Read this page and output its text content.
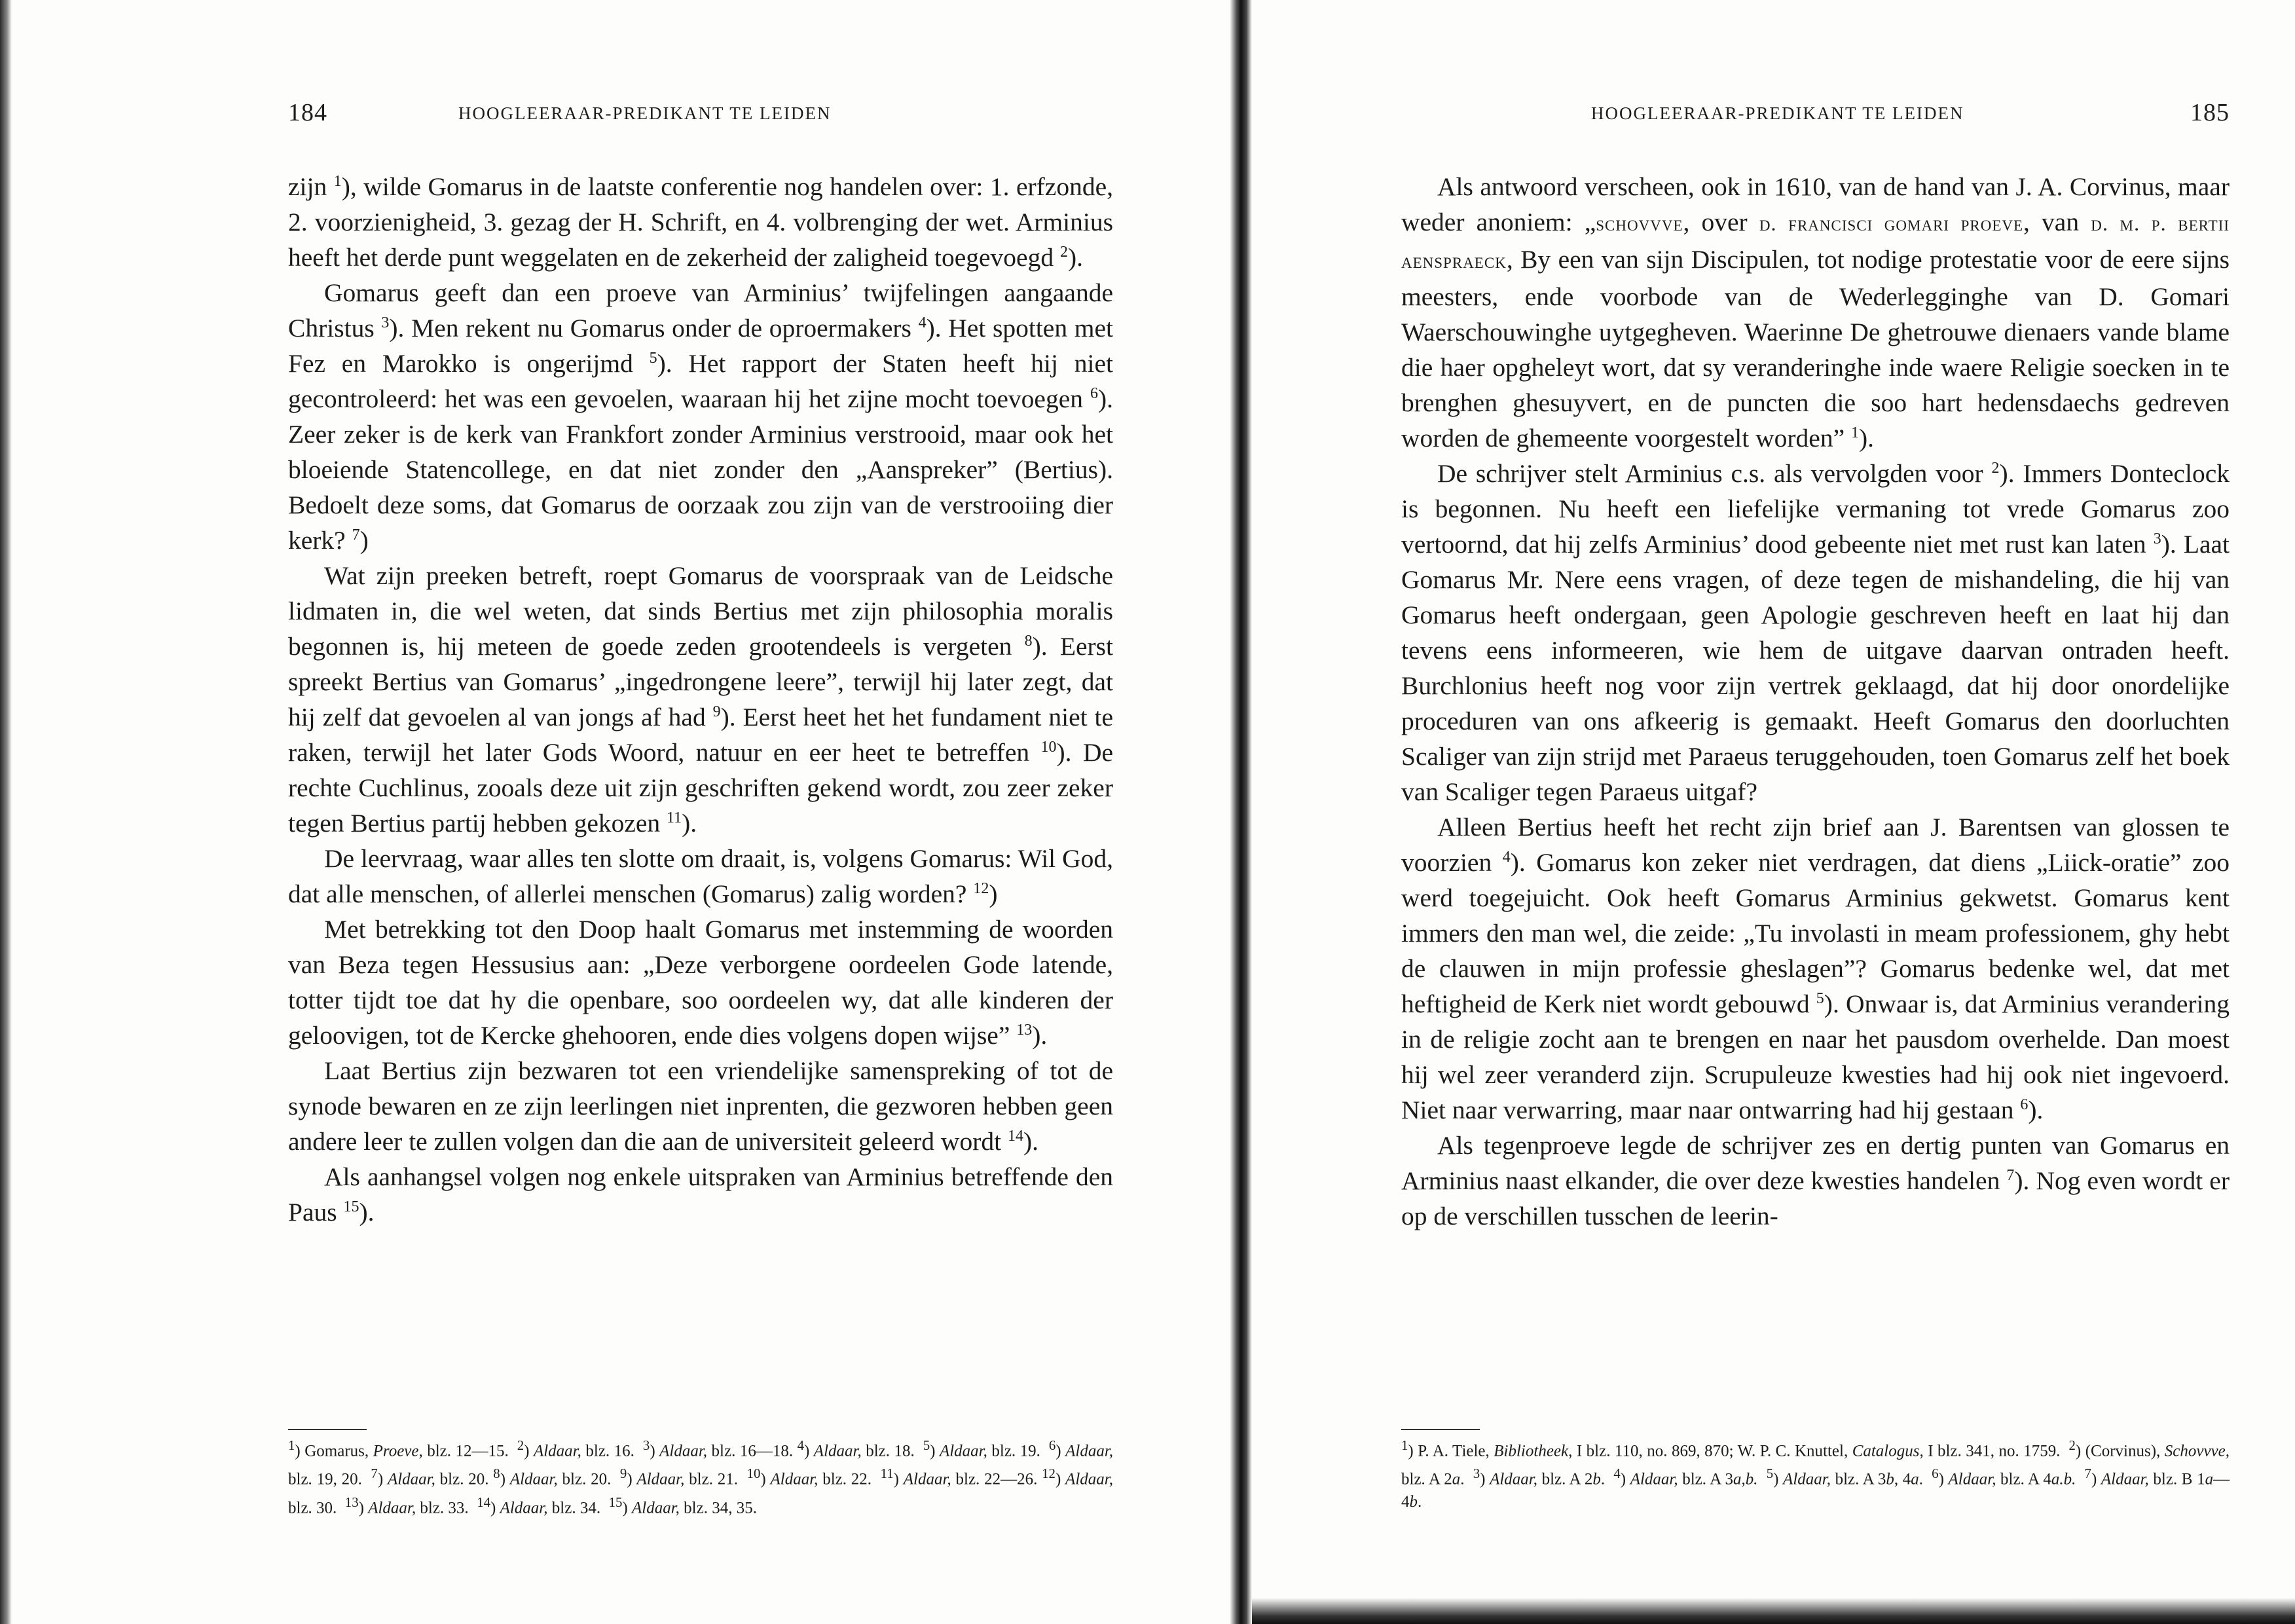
184	HOOGLEERAAR-PREDIKANT TE LEIDEN

zijn $^1$), wilde Gomarus in de laatste conferentie nog handelen over: 1. erfzonde, 2. voorzienigheid, 3. gezag der H. Schrift, en 4. volbrenging der wet. Arminius heeft het derde punt weggelaten en de zekerheid der zaligheid toegevoegd $^2$).

Gomarus geeft dan een proeve van Arminius’ twijfelingen aangaande Christus $^3$). Men rekent nu Gomarus onder de oproermakers $^4$). Het spotten met Fez en Marokko is ongerijmd $^5$). Het rapport der Staten heeft hij niet gecontroleerd: het was een gevoelen, waaraan hij het zijne mocht toevoegen $^6$). Zeer zeker is de kerk van Frankfort zonder Arminius verstrooid, maar ook het bloeiende Statencollege, en dat niet zonder den „Aanspreker” (Bertius). Bedoelt deze soms, dat Gomarus de oorzaak zou zijn van de verstrooiing dier kerk? $^7$)

Wat zijn preeken betreft, roept Gomarus de voorspraak van de Leidsche lidmaten in, die wel weten, dat sinds Bertius met zijn philosophia moralis begonnen is, hij meteen de goede zeden grootendeels is vergeten $^8$). Eerst spreekt Bertius van Gomarus’ „ingedrongene leere”, terwijl hij later zegt, dat hij zelf dat gevoelen al van jongs af had $^9$). Eerst heet het het fundament niet te raken, terwijl het later Gods Woord, natuur en eer heet te betreffen $^{10}$). De rechte Cuchlinus, zooals deze uit zijn geschriften gekend wordt, zou zeer zeker tegen Bertius partij hebben gekozen $^{11}$).

De leervraag, waar alles ten slotte om draait, is, volgens Gomarus: Wil God, dat alle menschen, of allerlei menschen (Gomarus) zalig worden? $^{12}$)

Met betrekking tot den Doop haalt Gomarus met instemming de woorden van Beza tegen Hessusius aan: „Deze verborgene oordeelen Gode latende, totter tijdt toe dat hy die openbare, soo oordeelen wy, dat alle kinderen der geloovigen, tot de Kercke ghehooren, ende dies volgens dopen wijse” $^{13}$).

Laat Bertius zijn bezwaren tot een vriendelijke samenspreking of tot de synode bewaren en ze zijn leerlingen niet inprenten, die gezworen hebben geen andere leer te zullen volgen dan die aan de universiteit geleerd wordt $^{14}$).

Als aanhangsel volgen nog enkele uitspraken van Arminius betreffende den Paus $^{15}$).

$^1$) Gomarus, Proeve, blz. 12—15.  $^2$) Aldaar, blz. 16.  $^3$) Aldaar, blz. 16—18. $^4$) Aldaar, blz. 18.  $^5$) Aldaar, blz. 19.  $^6$) Aldaar, blz. 19, 20.  $^7$) Aldaar, blz. 20. $^8$) Aldaar, blz. 20.  $^9$) Aldaar, blz. 21.  $^{10}$) Aldaar, blz. 22.  $^{11}$) Aldaar, blz. 22—26. $^{12}$) Aldaar, blz. 30.  $^{13}$) Aldaar, blz. 33.  $^{14}$) Aldaar, blz. 34.  $^{15}$) Aldaar, blz. 34, 35.

HOOGLEERAAR-PREDIKANT TE LEIDEN	185

Als antwoord verscheen, ook in 1610, van de hand van J. A. Corvinus, maar weder anoniem: „schovvve, over d. francisci gomari proeve, van d. m. p. bertii aenspraeck, By een van sijn Discipulen, tot nodige protestatie voor de eere sijns meesters, ende voorbode van de Wederlegginghe van D. Gomari Waerschouwinghe uytgegheven. Waerinne De ghetrouwe dienaers vande blame die haer opgheleyt wort, dat sy veranderinghe inde waere Religie soecken in te brenghen ghesuyvert, en de puncten die soo hart hedensdaechs gedreven worden de ghemeente voorgestelt worden” $^1$).

De schrijver stelt Arminius c.s. als vervolgden voor $^2$). Immers Donteclock is begonnen. Nu heeft een liefelijke vermaning tot vrede Gomarus zoo vertoornd, dat hij zelfs Arminius’ dood gebeente niet met rust kan laten $^3$). Laat Gomarus Mr. Nere eens vragen, of deze tegen de mishandeling, die hij van Gomarus heeft ondergaan, geen Apologie geschreven heeft en laat hij dan tevens eens informeeren, wie hem de uitgave daarvan ontraden heeft. Burchlonius heeft nog voor zijn vertrek geklaagd, dat hij door onordelijke proceduren van ons afkeerig is gemaakt. Heeft Gomarus den doorluchten Scaliger van zijn strijd met Paraeus teruggehouden, toen Gomarus zelf het boek van Scaliger tegen Paraeus uitgaf?

Alleen Bertius heeft het recht zijn brief aan J. Barentsen van glossen te voorzien $^4$). Gomarus kon zeker niet verdragen, dat diens „Liick-oratie” zoo werd toegejuicht. Ook heeft Gomarus Arminius gekwetst. Gomarus kent immers den man wel, die zeide: „Tu involasti in meam professionem, ghy hebt de clauwen in mijn professie gheslagen”? Gomarus bedenke wel, dat met heftigheid de Kerk niet wordt gebouwd $^5$). Onwaar is, dat Arminius verandering in de religie zocht aan te brengen en naar het pausdom overhelde. Dan moest hij wel zeer veranderd zijn. Scrupuleuze kwesties had hij ook niet ingevoerd. Niet naar verwarring, maar naar ontwarring had hij gestaan $^6$).

Als tegenproeve legde de schrijver zes en dertig punten van Gomarus en Arminius naast elkander, die over deze kwesties handelen $^7$). Nog even wordt er op de verschillen tusschen de leerin-

$^1$) P. A. Tiele, Bibliotheek, I blz. 110, no. 869, 870; W. P. C. Knuttel, Catalogus, I blz. 341, no. 1759.  $^2$) (Corvinus), Schovvve, blz. A 2a.  $^3$) Aldaar, blz. A 2b.  $^4$) Aldaar, blz. A 3a,b. $^5$) Aldaar, blz. A 3b, 4a.  $^6$) Aldaar, blz. A 4a.b. $^7$) Aldaar, blz. B 1a—4b.
